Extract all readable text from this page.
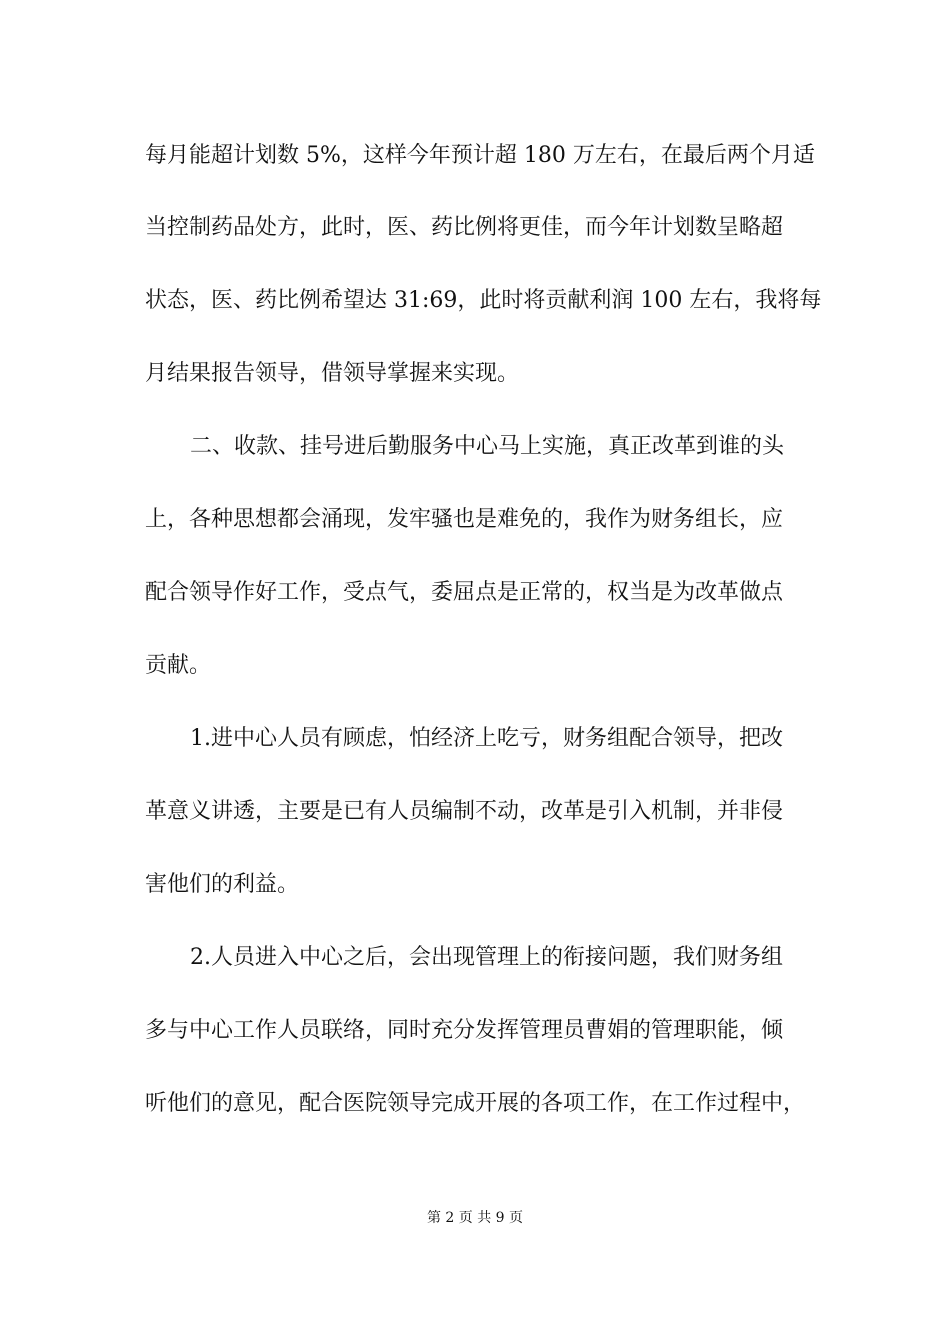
每月能超计划数 5%，这样今年预计超 180 万左右，在最后两个月适
当控制药品处方，此时，医、药比例将更佳，而今年计划数呈略超
状态，医、药比例希望达 31:69，此时将贡献利润 100 左右，我将每
月结果报告领导，借领导掌握来实现。
二、收款、挂号进后勤服务中心马上实施，真正改革到谁的头
上，各种思想都会涌现，发牢骚也是难免的，我作为财务组长，应
配合领导作好工作，受点气，委屈点是正常的，权当是为改革做点
贡献。
1.进中心人员有顾虑，怕经济上吃亏，财务组配合领导，把改
革意义讲透，主要是已有人员编制不动，改革是引入机制，并非侵
害他们的利益。
2.人员进入中心之后，会出现管理上的衔接问题，我们财务组
多与中心工作人员联络，同时充分发挥管理员曹娟的管理职能，倾
听他们的意见，配合医院领导完成开展的各项工作，在工作过程中，
第 2 页 共 9 页
